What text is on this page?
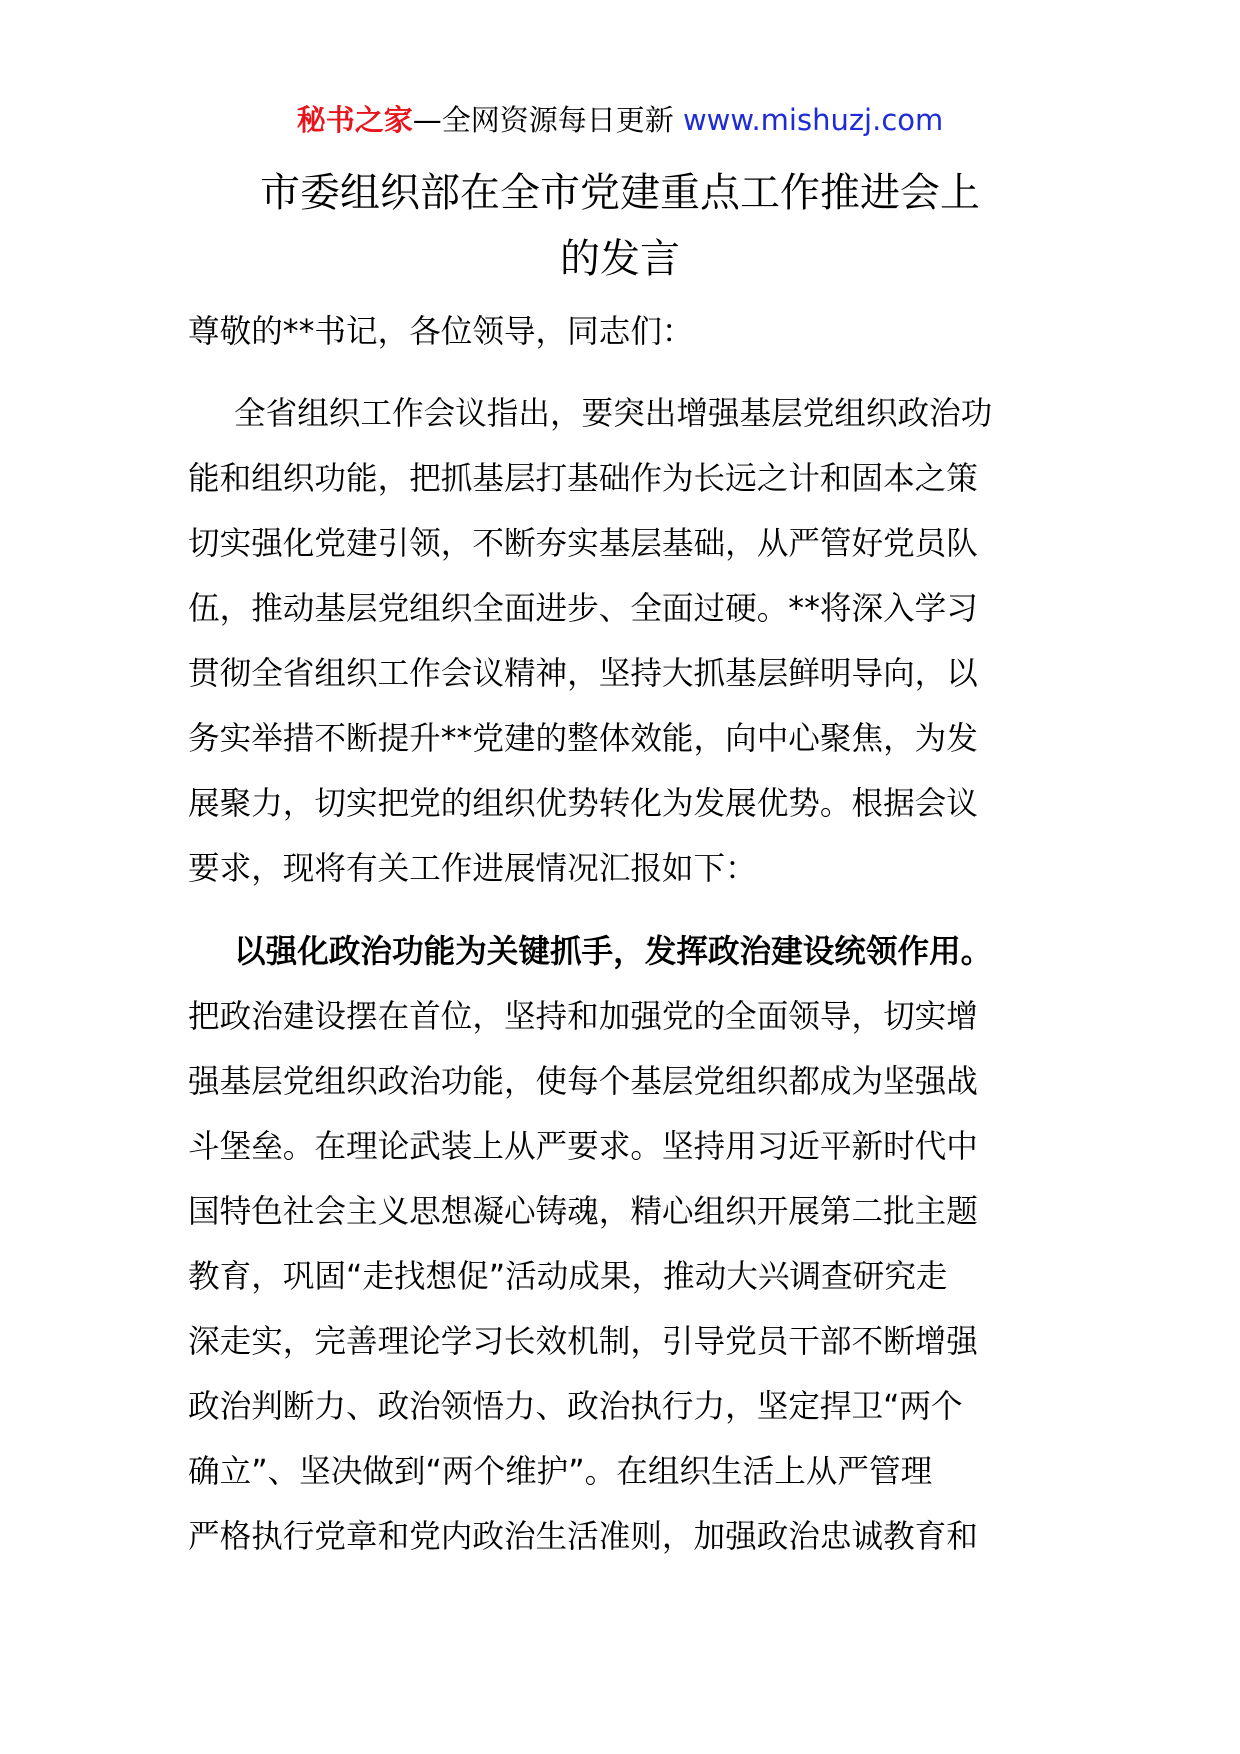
秘书之家—全网资源每日更新 www.mishuzj.com
市委组织部在全市党建重点工作推进会上
的发言
尊敬的**书记，各位领导，同志们：
全省组织工作会议指出，要突出增强基层党组织政治功
能和组织功能，把抓基层打基础作为长远之计和固本之策
切实强化党建引领，不断夯实基层基础，从严管好党员队
伍，推动基层党组织全面进步、全面过硬。**将深入学习
贯彻全省组织工作会议精神，坚持大抓基层鲜明导向，以
务实举措不断提升**党建的整体效能，向中心聚焦，为发
展聚力，切实把党的组织优势转化为发展优势。根据会议
要求，现将有关工作进展情况汇报如下：
以强化政治功能为关键抓手，发挥政治建设统领作用。
把政治建设摆在首位，坚持和加强党的全面领导，切实增
强基层党组织政治功能，使每个基层党组织都成为坚强战
斗堡垒。在理论武装上从严要求。坚持用习近平新时代中
国特色社会主义思想凝心铸魂，精心组织开展第二批主题
教育，巩固“走找想促”活动成果，推动大兴调查研究走
深走实，完善理论学习长效机制，引导党员干部不断增强
政治判断力、政治领悟力、政治执行力，坚定捍卫“两个
确立”、坚决做到“两个维护”。在组织生活上从严管理
严格执行党章和党内政治生活准则，加强政治忠诚教育和
